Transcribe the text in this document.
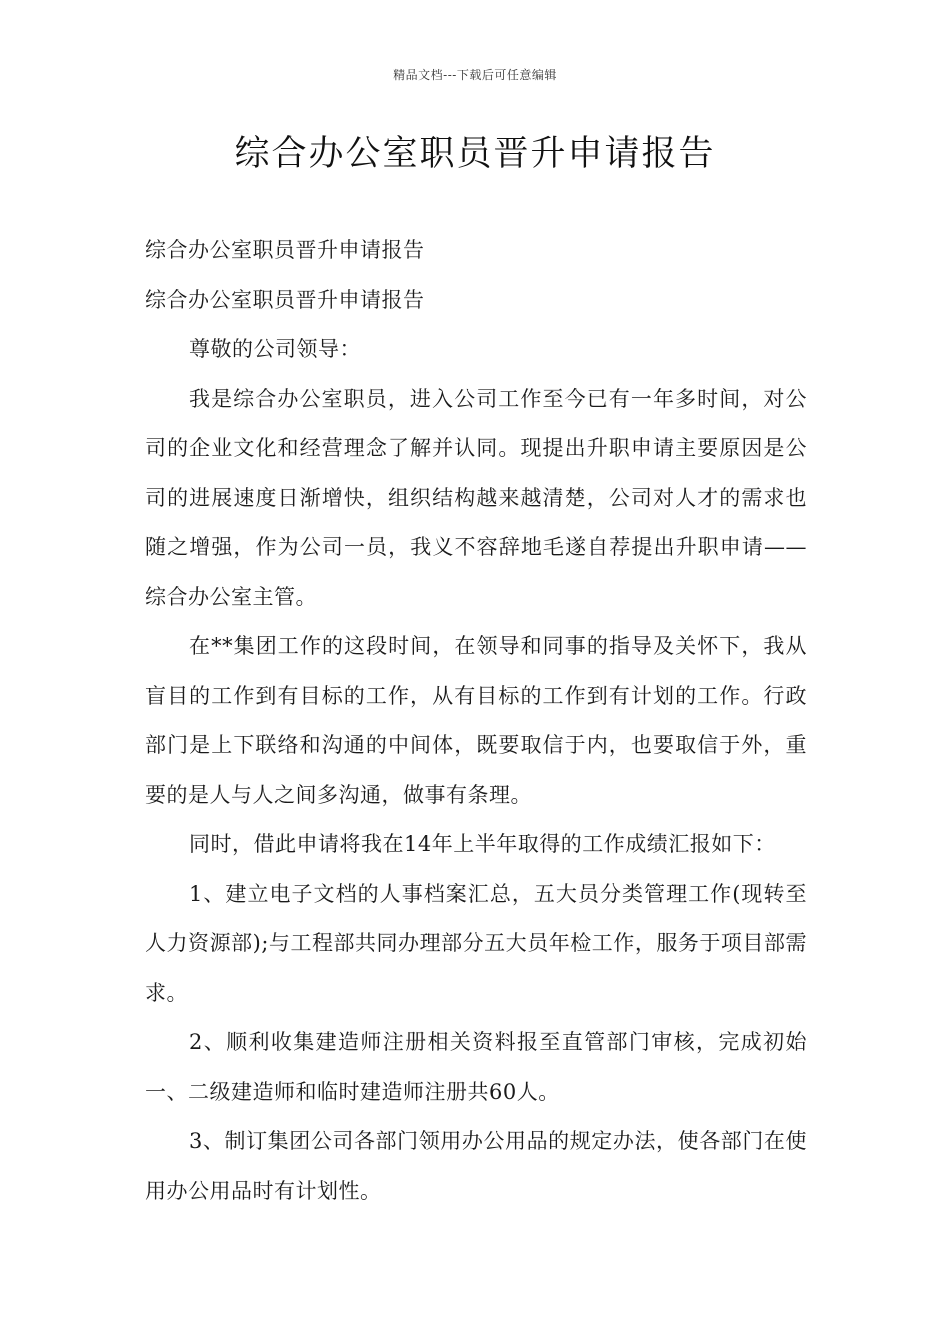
精品文档---下载后可任意编辑
综合办公室职员晋升申请报告

综合办公室职员晋升申请报告

综合办公室职员晋升申请报告

尊敬的公司领导：

我是综合办公室职员，进入公司工作至今已有一年多时间，对公司的企业文化和经营理念了解并认同。现提出升职申请主要原因是公司的进展速度日渐增快，组织结构越来越清楚，公司对人才的需求也随之增强，作为公司一员，我义不容辞地毛遂自荐提出升职申请——综合办公室主管。

在**集团工作的这段时间，在领导和同事的指导及关怀下，我从盲目的工作到有目标的工作，从有目标的工作到有计划的工作。行政部门是上下联络和沟通的中间体，既要取信于内，也要取信于外，重要的是人与人之间多沟通，做事有条理。

同时，借此申请将我在14年上半年取得的工作成绩汇报如下：

1、建立电子文档的人事档案汇总，五大员分类管理工作(现转至人力资源部);与工程部共同办理部分五大员年检工作，服务于项目部需求。

2、顺利收集建造师注册相关资料报至直管部门审核，完成初始一、二级建造师和临时建造师注册共60人。

3、制订集团公司各部门领用办公用品的规定办法，使各部门在使用办公用品时有计划性。
